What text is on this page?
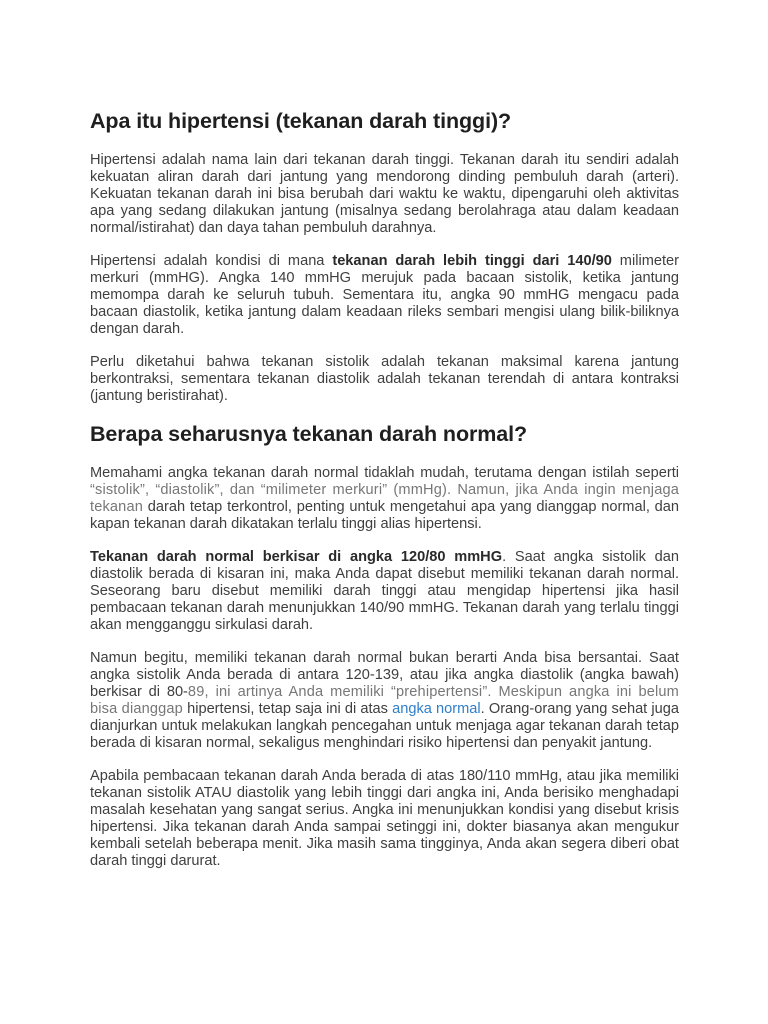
Apa itu hipertensi (tekanan darah tinggi)?

Hipertensi adalah nama lain dari tekanan darah tinggi. Tekanan darah itu sendiri adalah kekuatan aliran darah dari jantung yang mendorong dinding pembuluh darah (arteri). Kekuatan tekanan darah ini bisa berubah dari waktu ke waktu, dipengaruhi oleh aktivitas apa yang sedang dilakukan jantung (misalnya sedang berolahraga atau dalam keadaan normal/istirahat) dan daya tahan pembuluh darahnya.

Hipertensi adalah kondisi di mana tekanan darah lebih tinggi dari 140/90 milimeter merkuri (mmHG). Angka 140 mmHG merujuk pada bacaan sistolik, ketika jantung memompa darah ke seluruh tubuh. Sementara itu, angka 90 mmHG mengacu pada bacaan diastolik, ketika jantung dalam keadaan rileks sembari mengisi ulang bilik-biliknya dengan darah.

Perlu diketahui bahwa tekanan sistolik adalah tekanan maksimal karena jantung berkontraksi, sementara tekanan diastolik adalah tekanan terendah di antara kontraksi (jantung beristirahat).

Berapa seharusnya tekanan darah normal?

Memahami angka tekanan darah normal tidaklah mudah, terutama dengan istilah seperti “sistolik”, “diastolik”, dan “milimeter merkuri” (mmHg). Namun, jika Anda ingin menjaga tekanan darah tetap terkontrol, penting untuk mengetahui apa yang dianggap normal, dan kapan tekanan darah dikatakan terlalu tinggi alias hipertensi.

Tekanan darah normal berkisar di angka 120/80 mmHG. Saat angka sistolik dan diastolik berada di kisaran ini, maka Anda dapat disebut memiliki tekanan darah normal. Seseorang baru disebut memiliki darah tinggi atau mengidap hipertensi jika hasil pembacaan tekanan darah menunjukkan 140/90 mmHG. Tekanan darah yang terlalu tinggi akan mengganggu sirkulasi darah.

Namun begitu, memiliki tekanan darah normal bukan berarti Anda bisa bersantai. Saat angka sistolik Anda berada di antara 120-139, atau jika angka diastolik (angka bawah) berkisar di 80-89, ini artinya Anda memiliki “prehipertensi”. Meskipun angka ini belum bisa dianggap hipertensi, tetap saja ini di atas angka normal. Orang-orang yang sehat juga dianjurkan untuk melakukan langkah pencegahan untuk menjaga agar tekanan darah tetap berada di kisaran normal, sekaligus menghindari risiko hipertensi dan penyakit jantung.

Apabila pembacaan tekanan darah Anda berada di atas 180/110 mmHg, atau jika memiliki tekanan sistolik ATAU diastolik yang lebih tinggi dari angka ini, Anda berisiko menghadapi masalah kesehatan yang sangat serius. Angka ini menunjukkan kondisi yang disebut krisis hipertensi. Jika tekanan darah Anda sampai setinggi ini, dokter biasanya akan mengukur kembali setelah beberapa menit. Jika masih sama tingginya, Anda akan segera diberi obat darah tinggi darurat.
